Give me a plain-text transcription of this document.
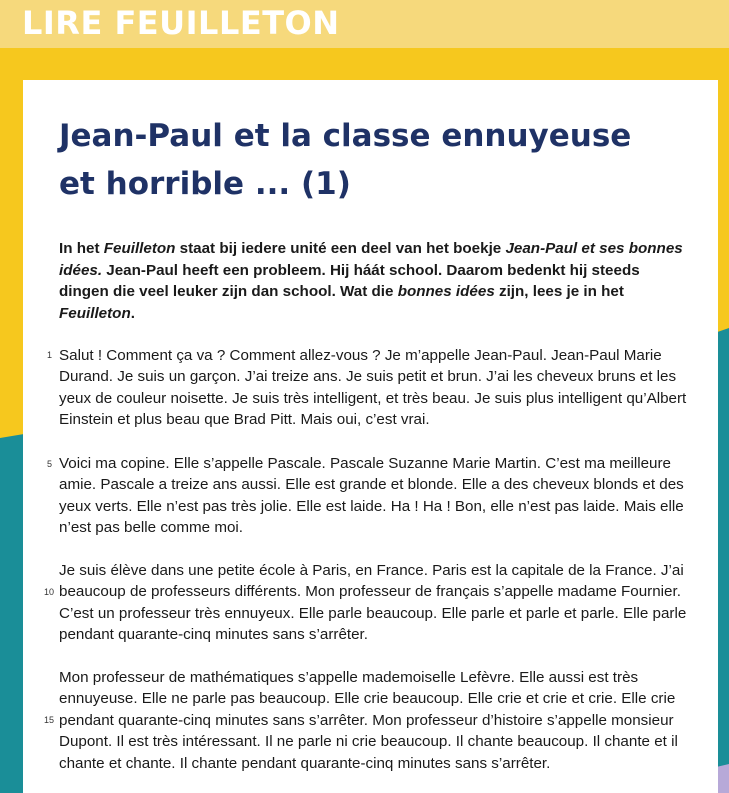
LIRE FEUILLETON
Jean-Paul et la classe ennuyeuse
et horrible ... (1)
In het Feuilleton staat bij iedere unité een deel van het boekje Jean-Paul et ses bonnes idées. Jean-Paul heeft een probleem. Hij háát school. Daarom bedenkt hij steeds dingen die veel leuker zijn dan school. Wat die bonnes idées zijn, lees je in het Feuilleton.
1 Salut ! Comment ça va ? Comment allez-vous ? Je m’appelle Jean-Paul. Jean-Paul Marie Durand. Je suis un garçon. J’ai treize ans. Je suis petit et brun. J’ai les cheveux bruns et les yeux de couleur noisette. Je suis très intelligent, et très beau. Je suis plus intelligent qu’Albert Einstein et plus beau que Brad Pitt. Mais oui, c’est vrai.
5 Voici ma copine. Elle s’appelle Pascale. Pascale Suzanne Marie Martin. C’est ma meilleure amie. Pascale a treize ans aussi. Elle est grande et blonde. Elle a des cheveux blonds et des yeux verts. Elle n’est pas très jolie. Elle est laide. Ha ! Ha ! Bon, elle n’est pas laide. Mais elle n’est pas belle comme moi.
10
Je suis élève dans une petite école à Paris, en France. Paris est la capitale de la France. J’ai beaucoup de professeurs différents. Mon professeur de français s’appelle madame Fournier. C’est un professeur très ennuyeux. Elle parle beaucoup. Elle parle et parle et parle. Elle parle pendant quarante-cinq minutes sans s’arrêter.
15
Mon professeur de mathématiques s’appelle mademoiselle Lefèvre. Elle aussi est très ennuyeuse. Elle ne parle pas beaucoup. Elle crie beaucoup. Elle crie et crie et crie. Elle crie pendant quarante-cinq minutes sans s’arrêter. Mon professeur d’histoire s’appelle monsieur Dupont. Il est très intéressant. Il ne parle ni crie beaucoup. Il chante beaucoup. Il chante et il chante et chante. Il chante pendant quarante-cinq minutes sans s’arrêter.
